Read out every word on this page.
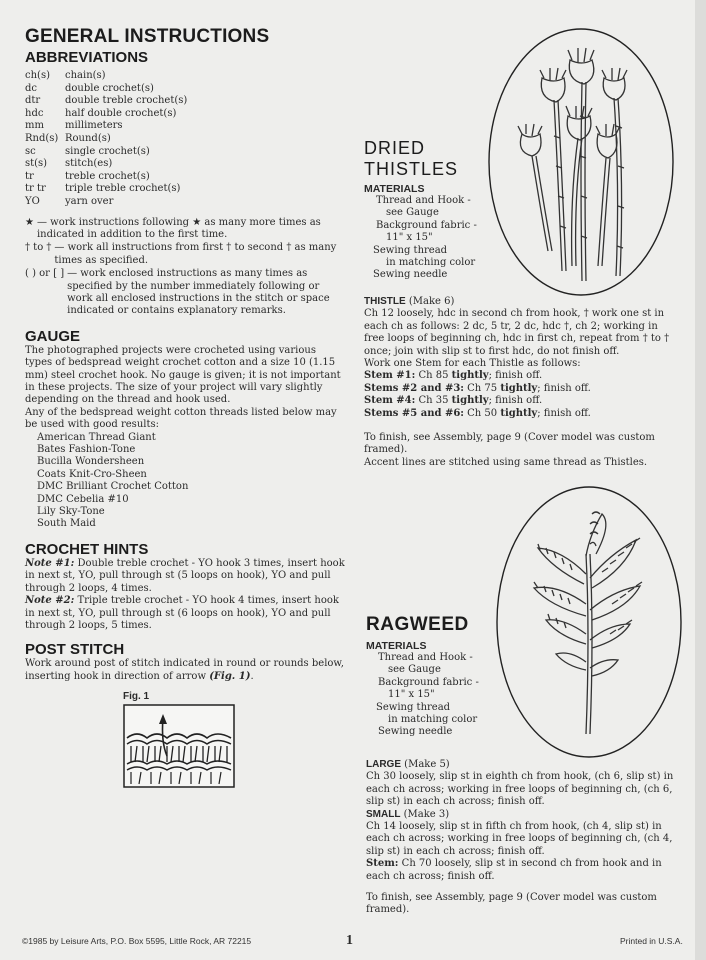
GENERAL INSTRUCTIONS
ABBREVIATIONS
ch(s)	chain(s)
dc	double crochet(s)
dtr	double treble crochet(s)
hdc	half double crochet(s)
mm	millimeters
Rnd(s) Round(s)
sc	single crochet(s)
st(s)	stitch(es)
tr	treble crochet(s)
tr tr	triple treble crochet(s)
YO	yarn over
★ — work instructions following ★ as many more times as indicated in addition to the first time.
† to † — work all instructions from first † to second † as many times as specified.
( ) or [ ] — work enclosed instructions as many times as specified by the number immediately following or work all enclosed instructions in the stitch or space indicated or contains explanatory remarks.
GAUGE
The photographed projects were crocheted using various types of bedspread weight crochet cotton and a size 10 (1.15 mm) steel crochet hook. No gauge is given; it is not important in these projects. The size of your project will vary slightly depending on the thread and hook used.
Any of the bedspread weight cotton threads listed below may be used with good results:
American Thread Giant
Bates Fashion-Tone
Bucilla Wondersheen
Coats Knit-Cro-Sheen
DMC Brilliant Crochet Cotton
DMC Cebelia #10
Lily Sky-Tone
South Maid
CROCHET HINTS
Note #1: Double treble crochet - YO hook 3 times, insert hook in next st, YO, pull through st (5 loops on hook), YO and pull through 2 loops, 4 times.
Note #2: Triple treble crochet - YO hook 4 times, insert hook in next st, YO, pull through st (6 loops on hook), YO and pull through 2 loops, 5 times.
POST STITCH
Work around post of stitch indicated in round or rounds below, inserting hook in direction of arrow (Fig. 1).
Fig. 1
DRIED
THISTLES
MATERIALS
Thread and Hook -
see Gauge
Background fabric -
11" x 15"
Sewing thread
in matching color
Sewing needle
THISTLE (Make 6)
Ch 12 loosely, hdc in second ch from hook, † work one st in each ch as follows: 2 dc, 5 tr, 2 dc, hdc †, ch 2; working in free loops of beginning ch, hdc in first ch, repeat from † to † once; join with slip st to first hdc, do not finish off.
Work one Stem for each Thistle as follows:
Stem #1: Ch 85 tightly; finish off.
Stems #2 and #3: Ch 75 tightly; finish off.
Stem #4: Ch 35 tightly; finish off.
Stems #5 and #6: Ch 50 tightly; finish off.
To finish, see Assembly, page 9 (Cover model was custom framed).
Accent lines are stitched using same thread as Thistles.
RAGWEED
MATERIALS
Thread and Hook -
see Gauge
Background fabric -
11" x 15"
Sewing thread
in matching color
Sewing needle
LARGE (Make 5)
Ch 30 loosely, slip st in eighth ch from hook, (ch 6, slip st) in each ch across; working in free loops of beginning ch, (ch 6, slip st) in each ch across; finish off.
SMALL (Make 3)
Ch 14 loosely, slip st in fifth ch from hook, (ch 4, slip st) in each ch across; working in free loops of beginning ch, (ch 4, slip st) in each ch across; finish off.
Stem: Ch 70 loosely, slip st in second ch from hook and in each ch across; finish off.
To finish, see Assembly, page 9 (Cover model was custom framed).
©1985 by Leisure Arts, P.O. Box 5595, Little Rock, AR 72215	1	Printed in U.S.A.
